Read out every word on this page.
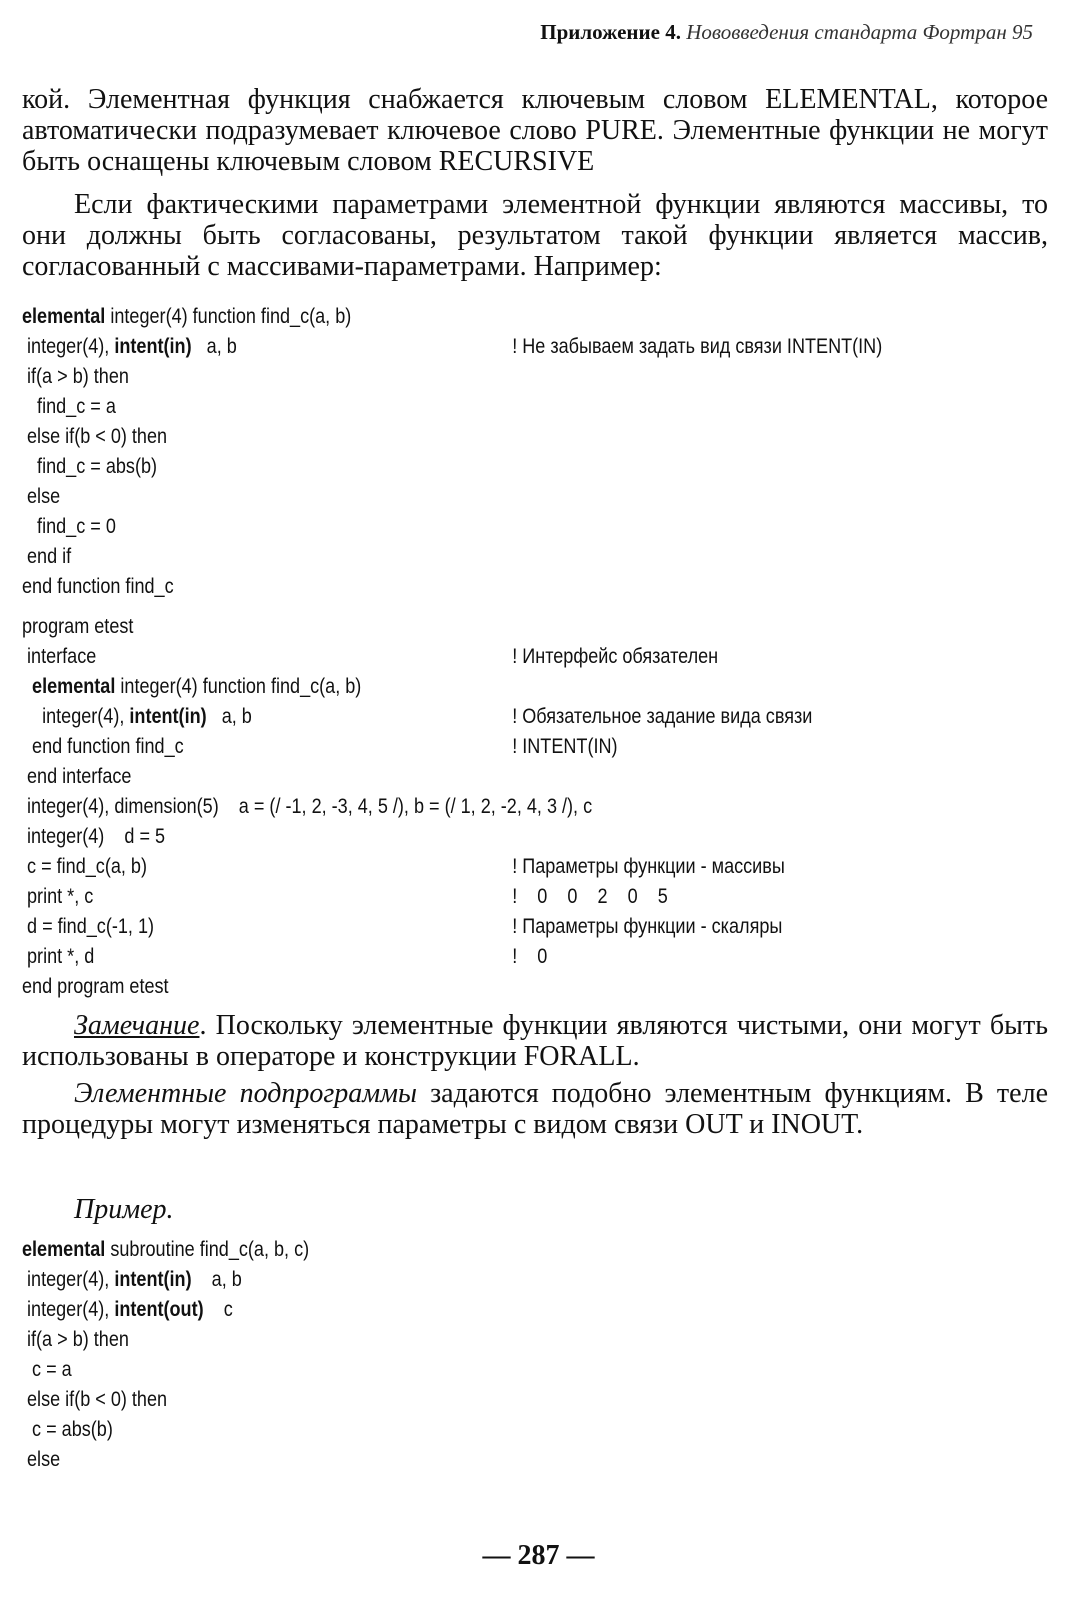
Приложение 4. Нововведения стандарта Фортран 95

кой. Элементная функция снабжается ключевым словом ELEMENTAL, которое автоматически подразумевает ключевое слово PURE. Элементные функции не могут быть оснащены ключевым словом RECURSIVE

Если фактическими параметрами элементной функции являются массивы, то они должны быть согласованы, результатом такой функции является массив, согласованный с массивами-параметрами. Например:

elemental integer(4) function find_c(a, b)
integer(4), intent(in)   a, b	! Не забываем задать вид связи INTENT(IN)
if(a > b) then
find_c = a
else if(b < 0) then
find_c = abs(b)
else
find_c = 0
end if
end function find_c
program etest
interface	! Интерфейс обязателен
elemental integer(4) function find_c(a, b)
integer(4), intent(in)   a, b	! Обязательное задание вида связи
end function find_c	! INTENT(IN)
end interface
integer(4), dimension(5)    a = (/ -1, 2, -3, 4, 5 /), b = (/ 1, 2, -2, 4, 3 /), c
integer(4)    d = 5
c = find_c(a, b)	! Параметры функции - массивы
print *, c	!    0    0    2    0    5
d = find_c(-1, 1)	! Параметры функции - скаляры
print *, d	!    0
end program etest

Замечание. Поскольку элементные функции являются чистыми, они могут быть использованы в операторе и конструкции FORALL.

Элементные подпрограммы задаются подобно элементным функциям. В теле процедуры могут изменяться параметры с видом связи OUT и INOUT.

Пример.

elemental subroutine find_c(a, b, c)
integer(4), intent(in)    a, b
integer(4), intent(out)    c
if(a > b) then
c = a
else if(b < 0) then
c = abs(b)
else
— 287 —
